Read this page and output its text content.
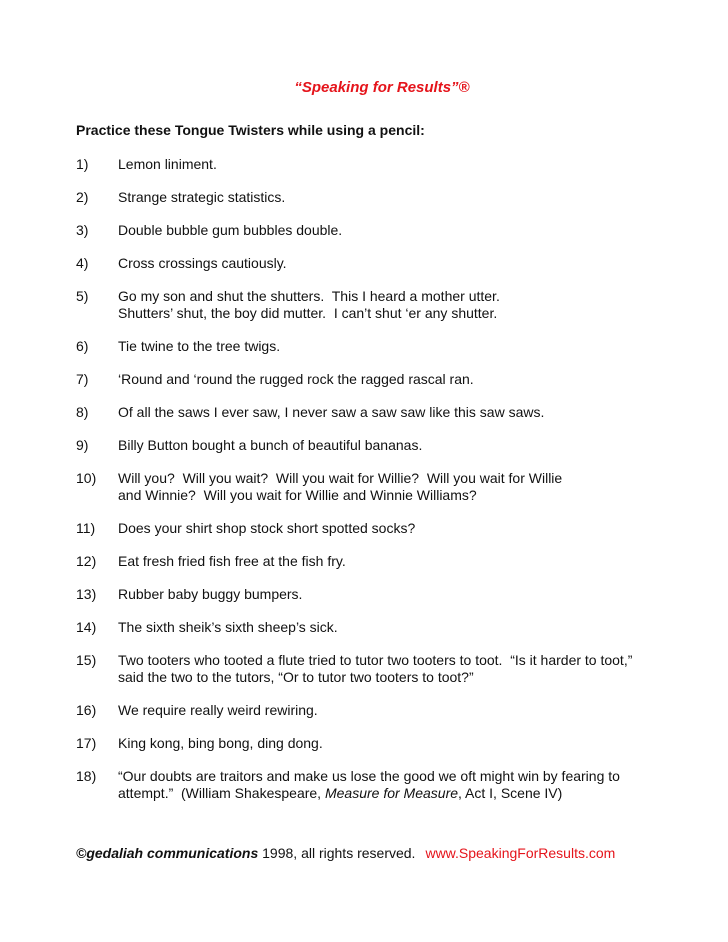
“Speaking for Results”®
Practice these Tongue Twisters while using a pencil:
1)	Lemon liniment.
2)	Strange strategic statistics.
3)	Double bubble gum bubbles double.
4)	Cross crossings cautiously.
5)	Go my son and shut the shutters.  This I heard a mother utter.
Shutters’ shut, the boy did mutter.  I can’t shut ‘er any shutter.
6)	Tie twine to the tree twigs.
7)	‘Round and ‘round the rugged rock the ragged rascal ran.
8)	Of all the saws I ever saw, I never saw a saw saw like this saw saws.
9)	Billy Button bought a bunch of beautiful bananas.
10)	Will you?  Will you wait?  Will you wait for Willie?  Will you wait for Willie
and Winnie?  Will you wait for Willie and Winnie Williams?
11)	Does your shirt shop stock short spotted socks?
12)	Eat fresh fried fish free at the fish fry.
13)	Rubber baby buggy bumpers.
14)	The sixth sheik’s sixth sheep’s sick.
15)	Two tooters who tooted a flute tried to tutor two tooters to toot.  “Is it harder to toot,”
said the two to the tutors, “Or to tutor two tooters to toot?”
16)	We require really weird rewiring.
17)	King kong, bing bong, ding dong.
18)	“Our doubts are traitors and make us lose the good we oft might win by fearing to
attempt.”  (William Shakespeare, Measure for Measure, Act I, Scene IV)
©gedaliah communications 1998, all rights reserved. www.SpeakingForResults.com
